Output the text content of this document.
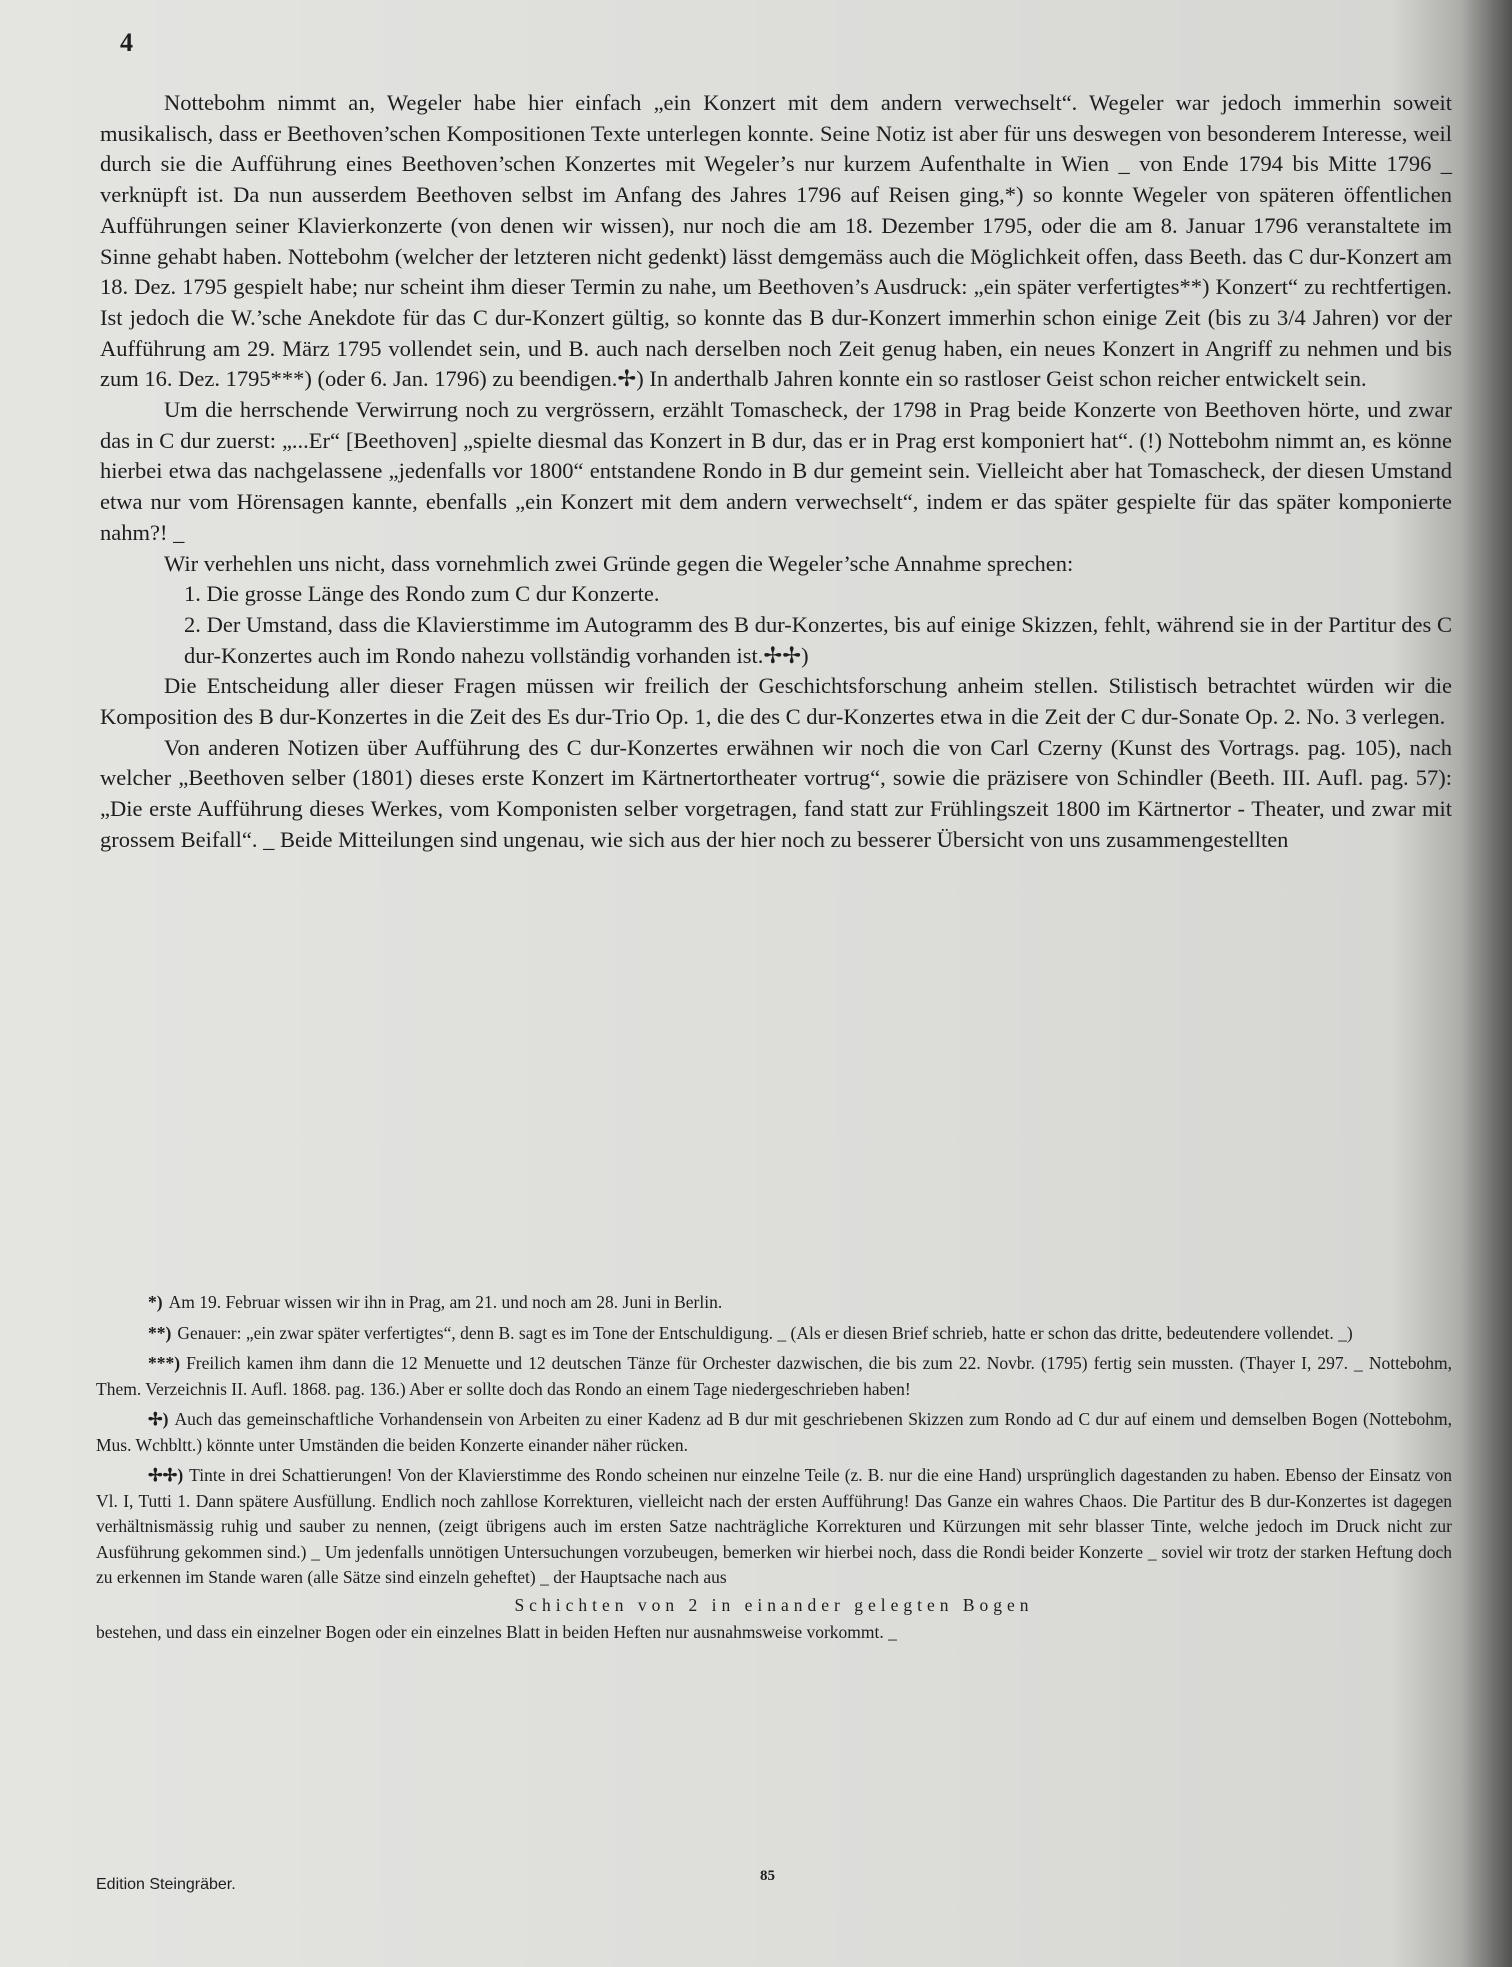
4

Nottebohm nimmt an, Wegeler habe hier einfach „ein Konzert mit dem andern verwechselt“. Wegeler war jedoch immerhin soweit musikalisch, dass er Beethoven’schen Kompositionen Texte unterlegen konnte. Seine Notiz ist aber für uns deswegen von besonderem Interesse, weil durch sie die Aufführung eines Beethoven’schen Konzertes mit Wegeler’s nur kurzem Aufenthalte in Wien _ von Ende 1794 bis Mitte 1796 _ verknüpft ist. Da nun ausserdem Beethoven selbst im Anfang des Jahres 1796 auf Reisen ging,*) so konnte Wegeler von späteren öffentlichen Aufführungen seiner Klavierkonzerte (von denen wir wissen), nur noch die am 18. Dezember 1795, oder die am 8. Januar 1796 veranstaltete im Sinne gehabt haben. Nottebohm (welcher der letzteren nicht gedenkt) lässt demgemäss auch die Möglichkeit offen, dass Beeth. das C dur-Konzert am 18. Dez. 1795 gespielt habe; nur scheint ihm dieser Termin zu nahe, um Beethoven’s Ausdruck: „ein später verfertigtes**) Konzert“ zu rechtfertigen. Ist jedoch die W.’sche Anekdote für das C dur-Konzert gültig, so konnte das B dur-Konzert immerhin schon einige Zeit (bis zu 3/4 Jahren) vor der Aufführung am 29. März 1795 vollendet sein, und B. auch nach derselben noch Zeit genug haben, ein neues Konzert in Angriff zu nehmen und bis zum 16. Dez. 1795***) (oder 6. Jan. 1796) zu beendigen.✢) In anderthalb Jahren konnte ein so rastloser Geist schon reicher entwickelt sein.

Um die herrschende Verwirrung noch zu vergrössern, erzählt Tomascheck, der 1798 in Prag beide Konzerte von Beethoven hörte, und zwar das in C dur zuerst: „...Er“ [Beethoven] „spielte diesmal das Konzert in B dur, das er in Prag erst komponiert hat“. (!) Nottebohm nimmt an, es könne hierbei etwa das nachgelassene „jedenfalls vor 1800“ entstandene Rondo in B dur gemeint sein. Vielleicht aber hat Tomascheck, der diesen Umstand etwa nur vom Hörensagen kannte, ebenfalls „ein Konzert mit dem andern verwechselt“, indem er das später gespielte für das später komponierte nahm?! _

Wir verhehlen uns nicht, dass vornehmlich zwei Gründe gegen die Wegeler’sche Annahme sprechen:

1. Die grosse Länge des Rondo zum C dur Konzerte.

2. Der Umstand, dass die Klavierstimme im Autogramm des B dur-Konzertes, bis auf einige Skizzen, fehlt, während sie in der Partitur des C dur-Konzertes auch im Rondo nahezu vollständig vorhanden ist.✢✢)

Die Entscheidung aller dieser Fragen müssen wir freilich der Geschichtsforschung anheim stellen. Stilistisch betrachtet würden wir die Komposition des B dur-Konzertes in die Zeit des Es dur-Trio Op. 1, die des C dur-Konzertes etwa in die Zeit der C dur-Sonate Op. 2. No. 3 verlegen.

Von anderen Notizen über Aufführung des C dur-Konzertes erwähnen wir noch die von Carl Czerny (Kunst des Vortrags. pag. 105), nach welcher „Beethoven selber (1801) dieses erste Konzert im Kärtnertortheater vortrug“, sowie die präzisere von Schindler (Beeth. III. Aufl. pag. 57): „Die erste Aufführung dieses Werkes, vom Komponisten selber vorgetragen, fand statt zur Frühlingszeit 1800 im Kärtnertor - Theater, und zwar mit grossem Beifall“. _ Beide Mitteilungen sind ungenau, wie sich aus der hier noch zu besserer Übersicht von uns zusammengestellten

*) Am 19. Februar wissen wir ihn in Prag, am 21. und noch am 28. Juni in Berlin.

**) Genauer: „ein zwar später verfertigtes“, denn B. sagt es im Tone der Entschuldigung. _ (Als er diesen Brief schrieb, hatte er schon das dritte, bedeutendere vollendet. _)

***) Freilich kamen ihm dann die 12 Menuette und 12 deutschen Tänze für Orchester dazwischen, die bis zum 22. Novbr. (1795) fertig sein mussten. (Thayer I, 297. _ Nottebohm, Them. Verzeichnis II. Aufl. 1868. pag. 136.) Aber er sollte doch das Rondo an einem Tage niedergeschrieben haben!

✢) Auch das gemeinschaftliche Vorhandensein von Arbeiten zu einer Kadenz ad B dur mit geschriebenen Skizzen zum Rondo ad C dur auf einem und demselben Bogen (Nottebohm, Mus. Wchbltt.) könnte unter Umständen die beiden Konzerte einander näher rücken.

✢✢) Tinte in drei Schattierungen! Von der Klavierstimme des Rondo scheinen nur einzelne Teile (z. B. nur die eine Hand) ursprünglich dagestanden zu haben. Ebenso der Einsatz von Vl. I, Tutti 1. Dann spätere Ausfüllung. Endlich noch zahllose Korrekturen, vielleicht nach der ersten Aufführung! Das Ganze ein wahres Chaos. Die Partitur des B dur-Konzertes ist dagegen verhältnismässig ruhig und sauber zu nennen, (zeigt übrigens auch im ersten Satze nachträgliche Korrekturen und Kürzungen mit sehr blasser Tinte, welche jedoch im Druck nicht zur Ausführung gekommen sind.) _ Um jedenfalls unnötigen Untersuchungen vorzubeugen, bemerken wir hierbei noch, dass die Rondi beider Konzerte _ soviel wir trotz der starken Heftung doch zu erkennen im Stande waren (alle Sätze sind einzeln geheftet) _ der Hauptsache nach aus

Schichten von 2 in einander gelegten Bogen

bestehen, und dass ein einzelner Bogen oder ein einzelnes Blatt in beiden Heften nur ausnahmsweise vorkommt. _

Edition Steingräber.	85
